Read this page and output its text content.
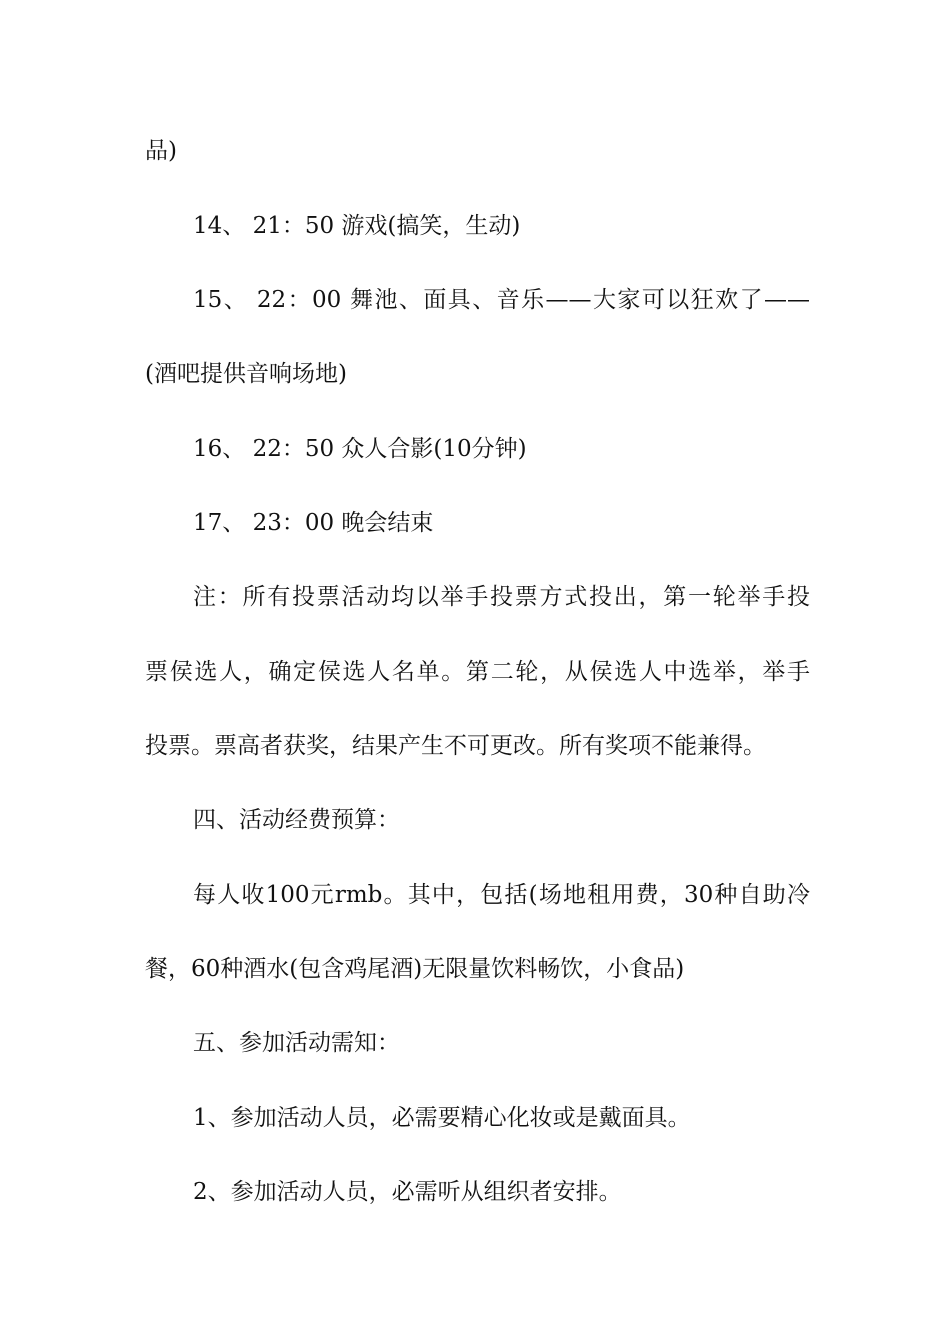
品)
14、 21：50 游戏(搞笑，生动)
15、 22：00 舞池、面具、音乐——大家可以狂欢了——
(酒吧提供音响场地)
16、 22：50 众人合影(10分钟)
17、 23：00 晚会结束
注：所有投票活动均以举手投票方式投出，第一轮举手投
票侯选人，确定侯选人名单。第二轮，从侯选人中选举，举手
投票。票高者获奖，结果产生不可更改。所有奖项不能兼得。
四、活动经费预算：
每人收100元rmb。其中，包括(场地租用费，30种自助冷
餐，60种酒水(包含鸡尾酒)无限量饮料畅饮，小食品)
五、参加活动需知：
1、参加活动人员，必需要精心化妆或是戴面具。
2、参加活动人员，必需听从组织者安排。
